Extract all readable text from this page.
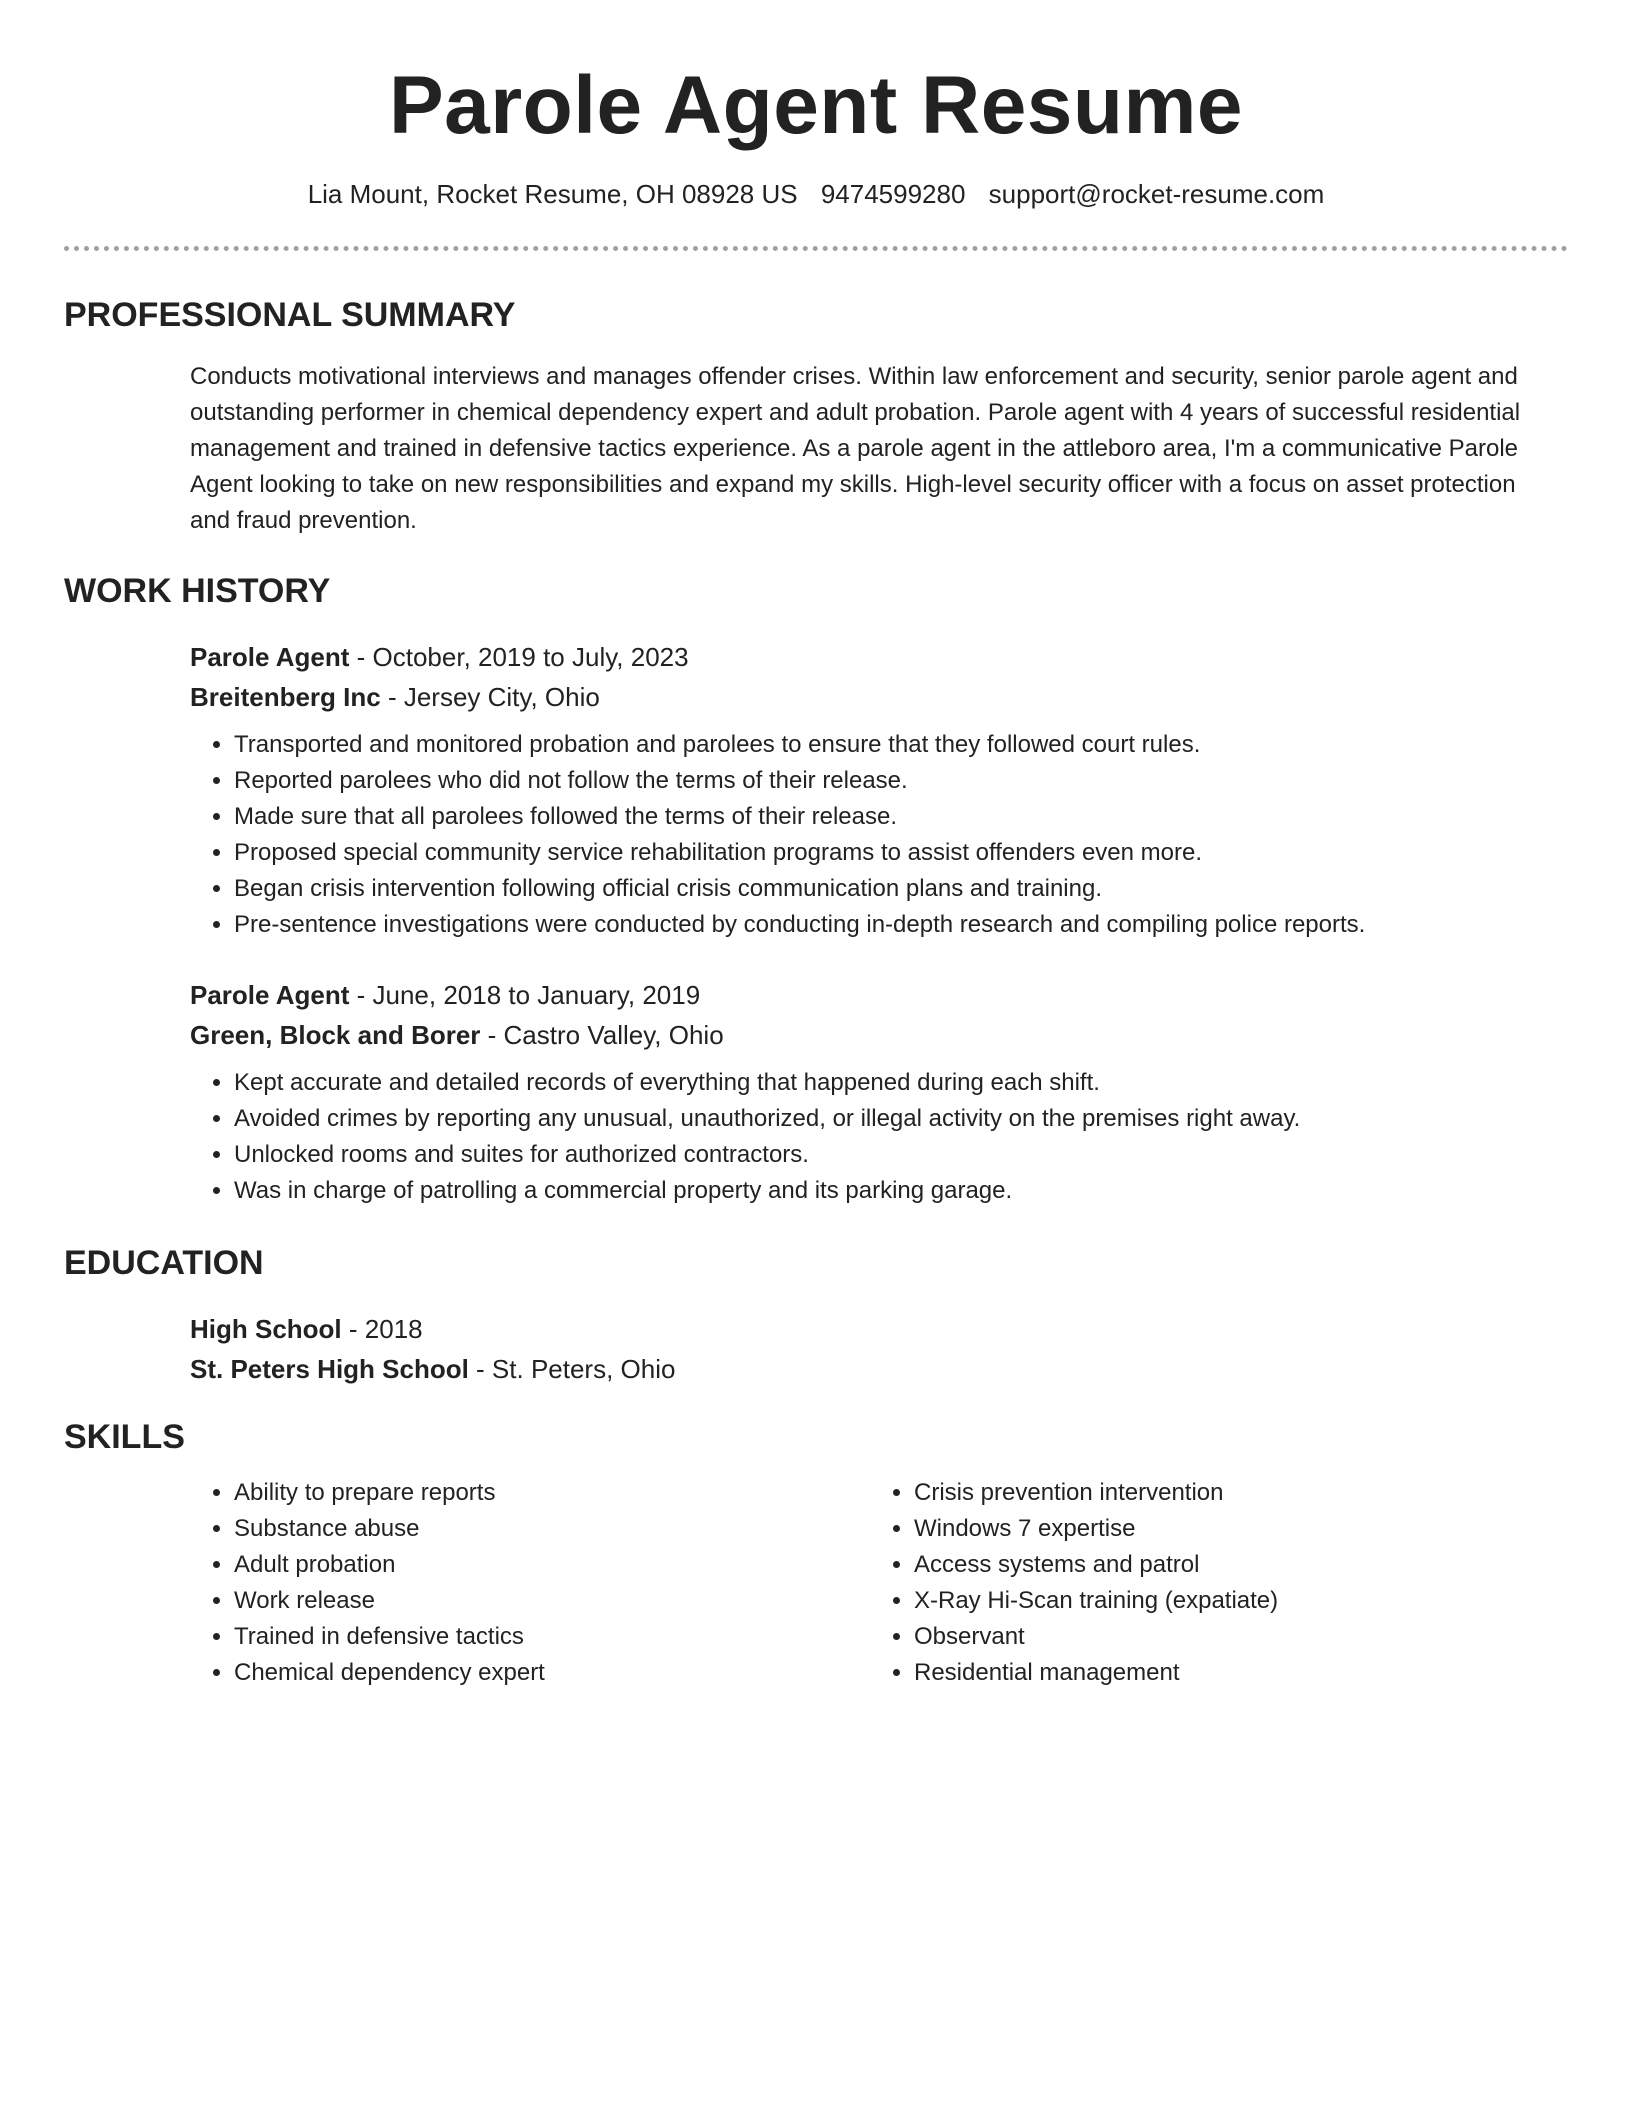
Parole Agent Resume
Lia Mount, Rocket Resume, OH 08928 US 9474599280 support@rocket-resume.com
PROFESSIONAL SUMMARY

Conducts motivational interviews and manages offender crises. Within law enforcement and security, senior parole agent and outstanding performer in chemical dependency expert and adult probation. Parole agent with 4 years of successful residential management and trained in defensive tactics experience. As a parole agent in the attleboro area, I'm a communicative Parole Agent looking to take on new responsibilities and expand my skills. High-level security officer with a focus on asset protection and fraud prevention.

WORK HISTORY
Parole Agent - October, 2019 to July, 2023
Breitenberg Inc - Jersey City, Ohio
• Transported and monitored probation and parolees to ensure that they followed court rules.
• Reported parolees who did not follow the terms of their release.
• Made sure that all parolees followed the terms of their release.
• Proposed special community service rehabilitation programs to assist offenders even more.
• Began crisis intervention following official crisis communication plans and training.
• Pre-sentence investigations were conducted by conducting in-depth research and compiling police reports.
Parole Agent - June, 2018 to January, 2019
Green, Block and Borer - Castro Valley, Ohio
• Kept accurate and detailed records of everything that happened during each shift.
• Avoided crimes by reporting any unusual, unauthorized, or illegal activity on the premises right away.
• Unlocked rooms and suites for authorized contractors.
• Was in charge of patrolling a commercial property and its parking garage.
EDUCATION
High School - 2018
St. Peters High School - St. Peters, Ohio
SKILLS
• Ability to prepare reports
• Substance abuse
• Adult probation
• Work release
• Trained in defensive tactics
• Chemical dependency expert
• Crisis prevention intervention
• Windows 7 expertise
• Access systems and patrol
• X-Ray Hi-Scan training (expatiate)
• Observant
• Residential management
